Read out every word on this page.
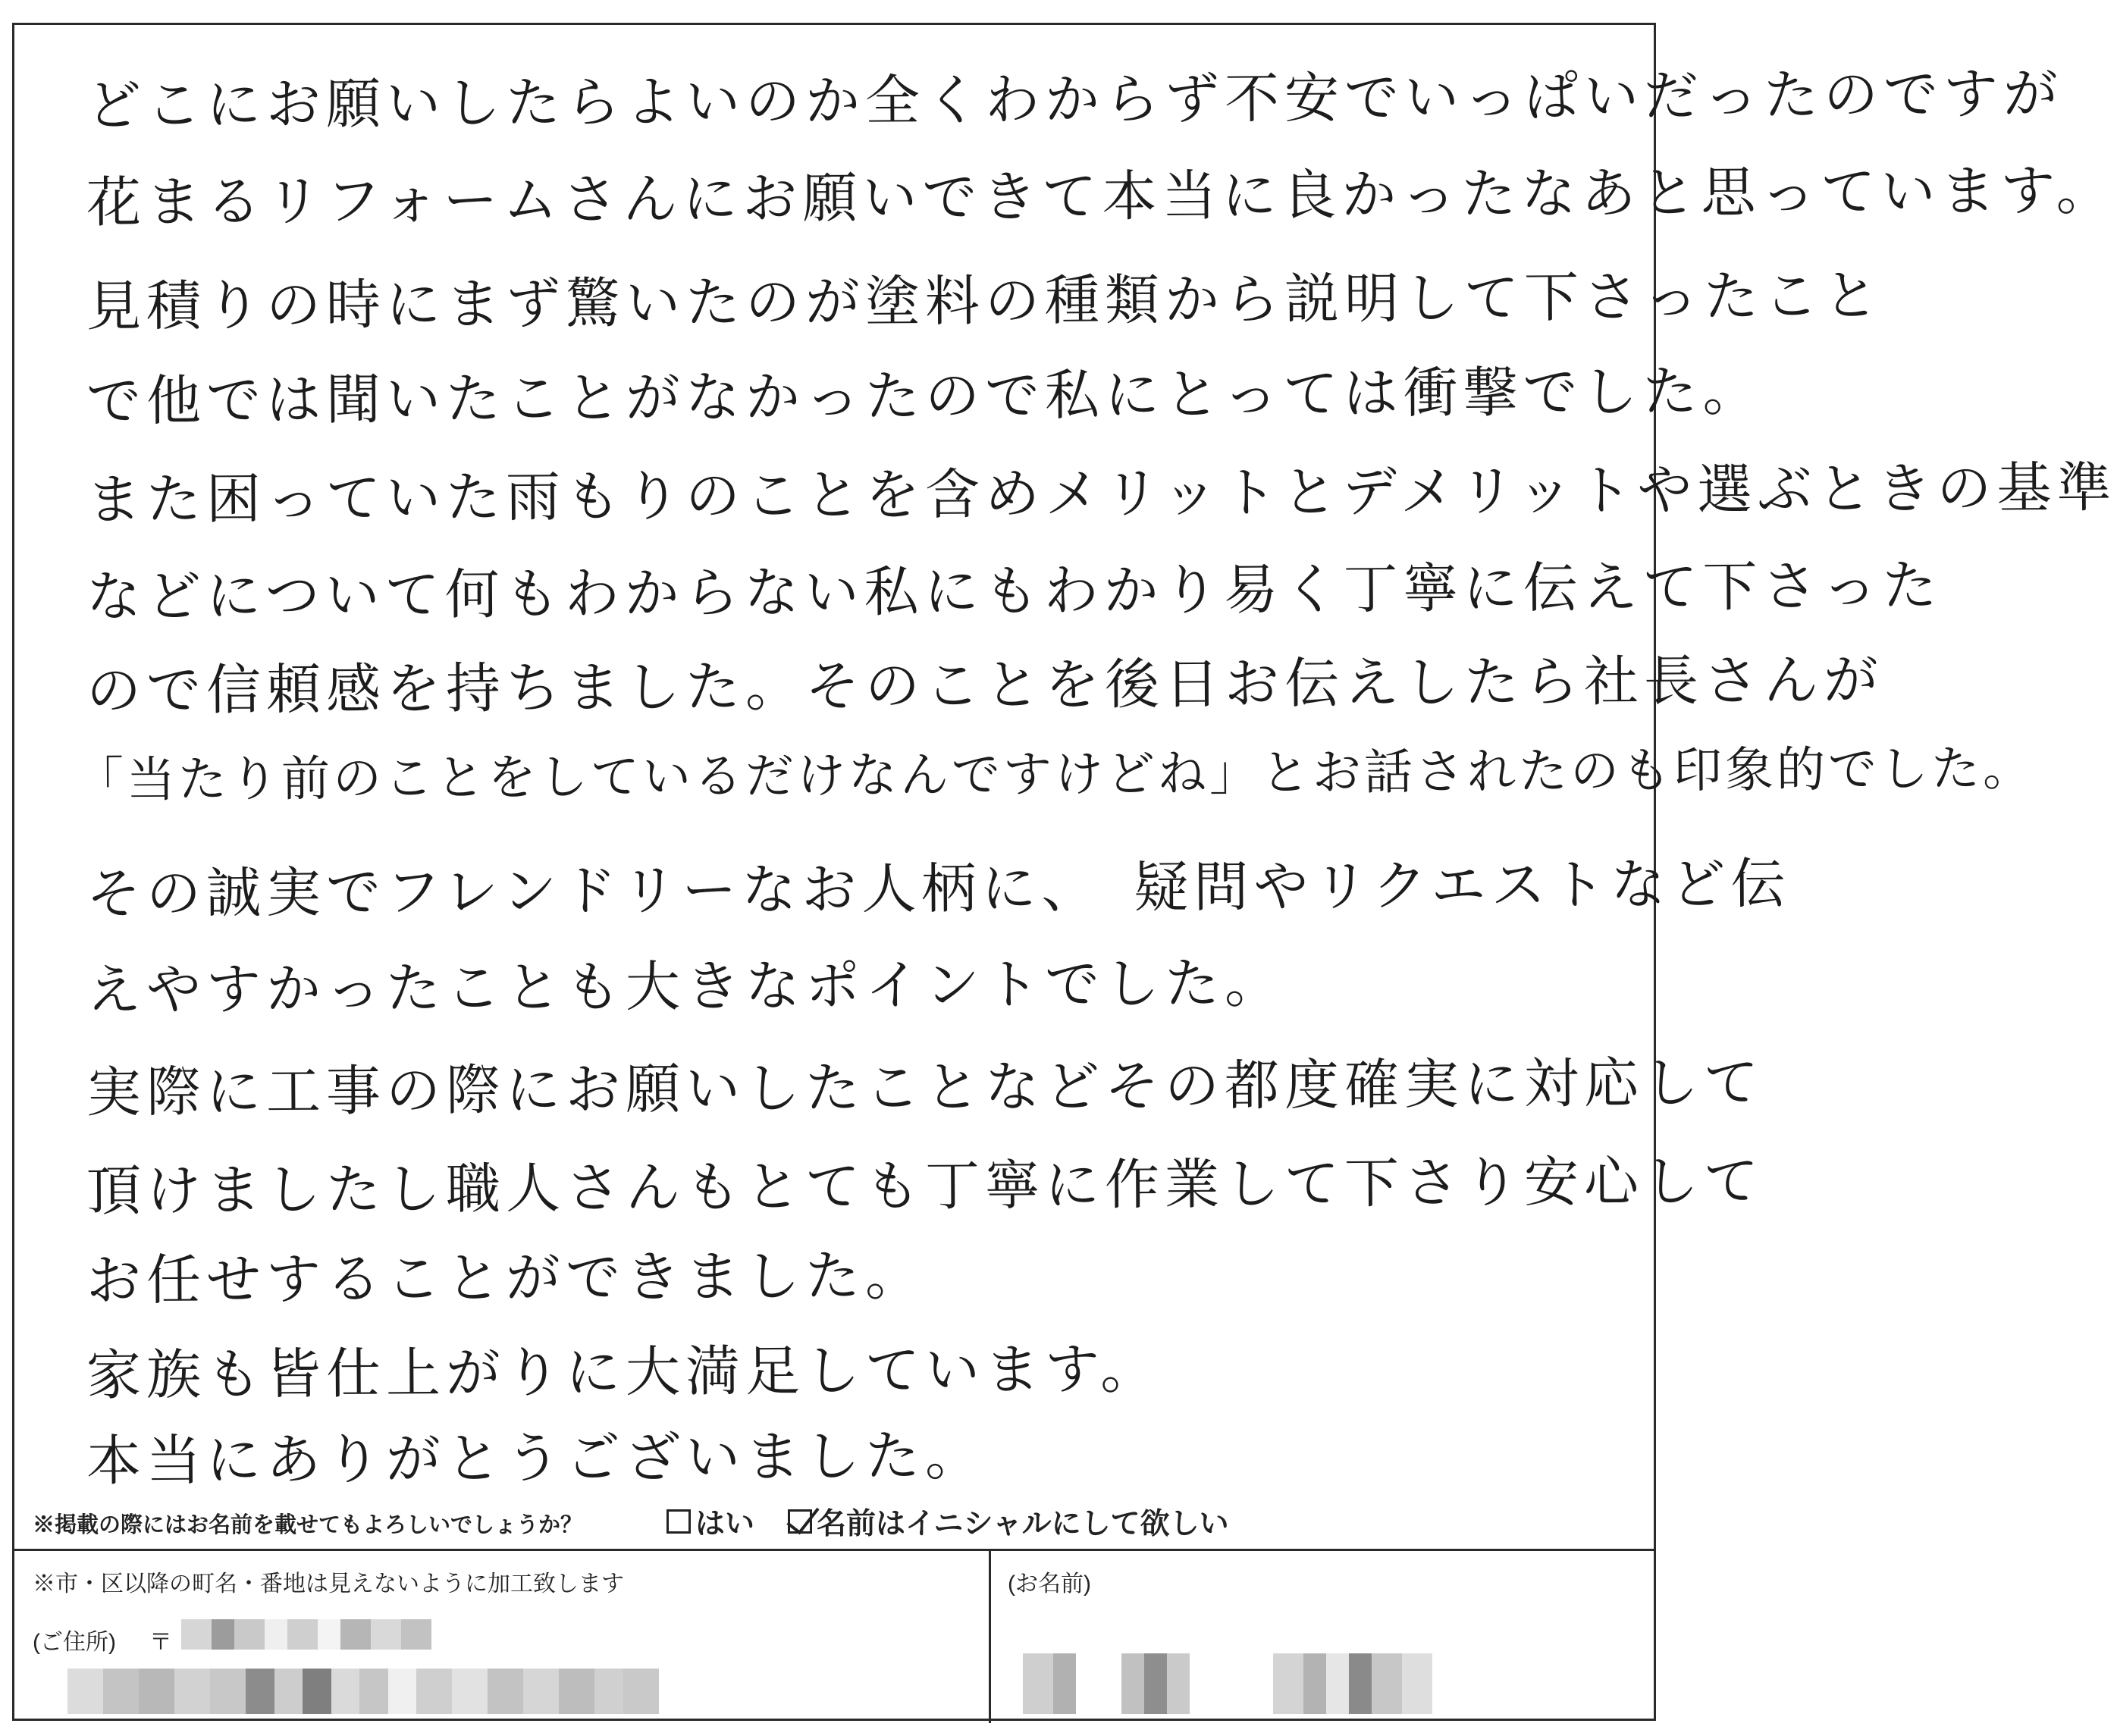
どこにお願いしたらよいのか全くわからず不安でいっぱいだったのですが
花まるリフォームさんにお願いできて本当に良かったなあと思っています。
見積りの時にまず驚いたのが塗料の種類から説明して下さったこと
で他では聞いたことがなかったので私にとっては衝撃でした。
また困っていた雨もりのことを含めメリットとデメリットや選ぶときの基準
などについて何もわからない私にもわかり易く丁寧に伝えて下さった
ので信頼感を持ちました。そのことを後日お伝えしたら社長さんが
「当たり前のことをしているだけなんですけどね」とお話されたのも印象的でした。
その誠実でフレンドリーなお人柄に、　疑問やリクエストなど伝
えやすかったことも大きなポイントでした。
実際に工事の際にお願いしたことなどその都度確実に対応して
頂けましたし職人さんもとても丁寧に作業して下さり安心して
お任せすることができました。
家族も皆仕上がりに大満足しています。
本当にありがとうございました。
※掲載の際にはお名前を載せてもよろしいでしょうか？	はい 名前はイニシャルにして欲しい
※市・区以降の町名・番地は見えないように加工致します
(ご住所) 〒
(お名前)
